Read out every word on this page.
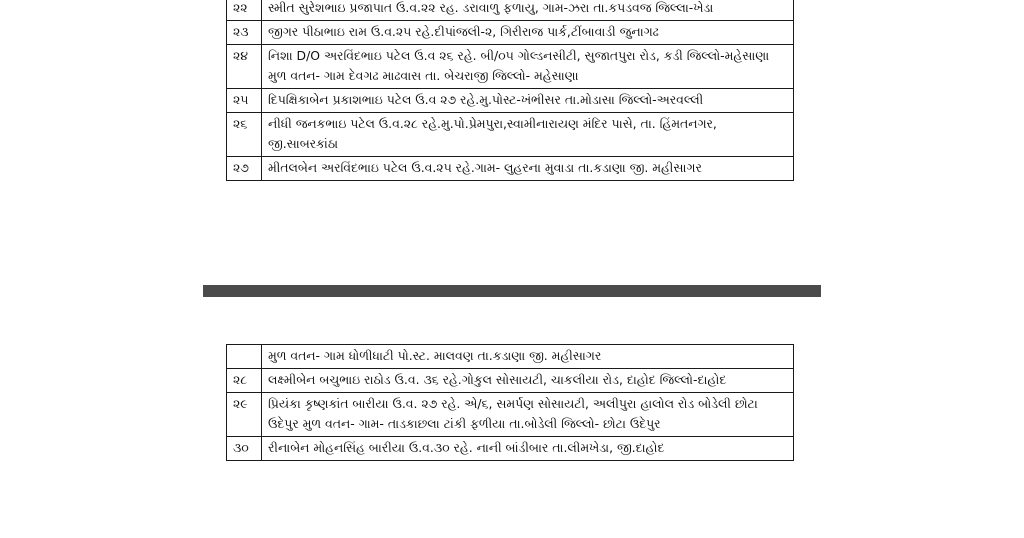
૨૨	સ્મીત સુરેશભાઇ પ્રજાપાત ઉ.વ.૨૨ રહ. ડરાવાળુ ફળાયુ, ગામ-ઝરા તા.કપડવજ જિલ્લા-ખેડા
૨૩	જીગર પીઠાભાઇ રામ ઉ.વ.૨૫ રહે.દીપાંજલી-૨, ગિરીરાજ પાર્ક,ટીંબાવાડી જુનાગઢ
૨૪	નિશા D/O અરવિંદભાઇ પટેલ ઉ.વ ૨૬ રહે. બી/૦૫ ગોલ્ડનસીટી, સુજાતપુરા રોડ, કડી જિલ્લો-મહેસાણા મુળ વતન- ગામ દેવગઢ માઢવાસ તા. બેચરાજી જિલ્લો- મહેસાણા
૨૫	દિપક્ષિકાબેન પ્રકાશભાઇ પટેલ ઉ.વ ૨૭ રહે.મુ.પોસ્ટ-ખંભીસર તા.મોડાસા જિલ્લો-અરવલ્લી
૨૬	નીધી જનકભાઇ પટેલ ઉ.વ.૨૮ રહે.મુ.પો.પ્રેમપુરા,સ્વામીનારાયણ મંદિર પાસે, તા. હિંમતનગર, જી.સાબરકાંઠા
૨૭	મીતલબેન અરવિંદભાઇ પટેલ ઉ.વ.૨૫ રહે.ગામ- લુહરના મુવાડા તા.કડાણા જી. મહીસાગર
	મુળ વતન- ગામ ધોળીધાટી પો.સ્ટ. માલવણ તા.કડાણા જી. મહીસાગર
૨૮	લક્ષ્મીબેન બચુભાઇ રાઠોડ ઉ.વ. ૩૬ રહે.ગોકુલ સોસાયટી, ચાકલીયા રોડ, દાહોદ જિલ્લો-દાહોદ
૨૯	પ્રિયંકા કૃષ્ણકાંત બારીયા ઉ.વ. ૨૭ રહે. એ/૬, સમર્પણ સોસાયટી, અલીપુરા હાલોલ રોડ બોડેલી છોટા ઉદેપુર મુળ વતન- ગામ- તાડકાછલા ટાંકી ફળીયા તા.બોડેલી જિલ્લો- છોટા ઉદેપુર
૩૦	રીનાબેન મોહનસિંહ બારીયા ઉ.વ.૩૦ રહે. નાની બાંડીબાર તા.લીમખેડા, જી.દાહોદ
